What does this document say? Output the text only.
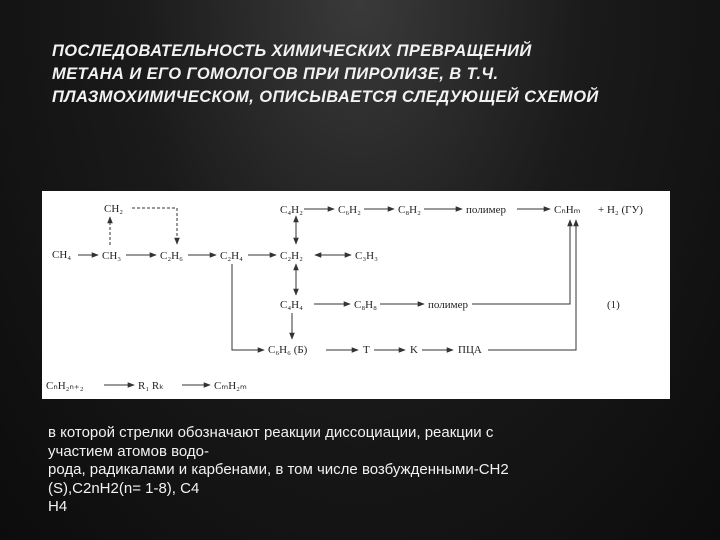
ПОСЛЕДОВАТЕЛЬНОСТЬ ХИМИЧЕСКИХ ПРЕВРАЩЕНИЙ
МЕТАНА И ЕГО ГОМОЛОГОВ ПРИ ПИРОЛИЗЕ, В Т.Ч.
ПЛАЗМОХИМИЧЕСКОМ, ОПИСЫВАЕТСЯ СЛЕДУЮЩЕЙ СХЕМОЙ
CH₂	C₄H₂	C₆H₂	C₈H₂	полимер	CₙHₘ + H₂ (ГУ)
CH₄	CH₃	C₂H₆	C₂H₄	C₂H₂	C₃H₃
C₄H₄	C₈H₈	полимер	(1)
C₆H₆ (Б)	T	K	ПЦА
CₙH₂ₙ₊₂	R₁ Rₖ	CₘH₂ₘ
в которой стрелки обозначают реакции диссоциации, реакции с
участием атомов водо-
рода, радикалами и карбенами, в том числе возбужденными-CH2
(S),C2nH2(n= 1-8), C4
H4
